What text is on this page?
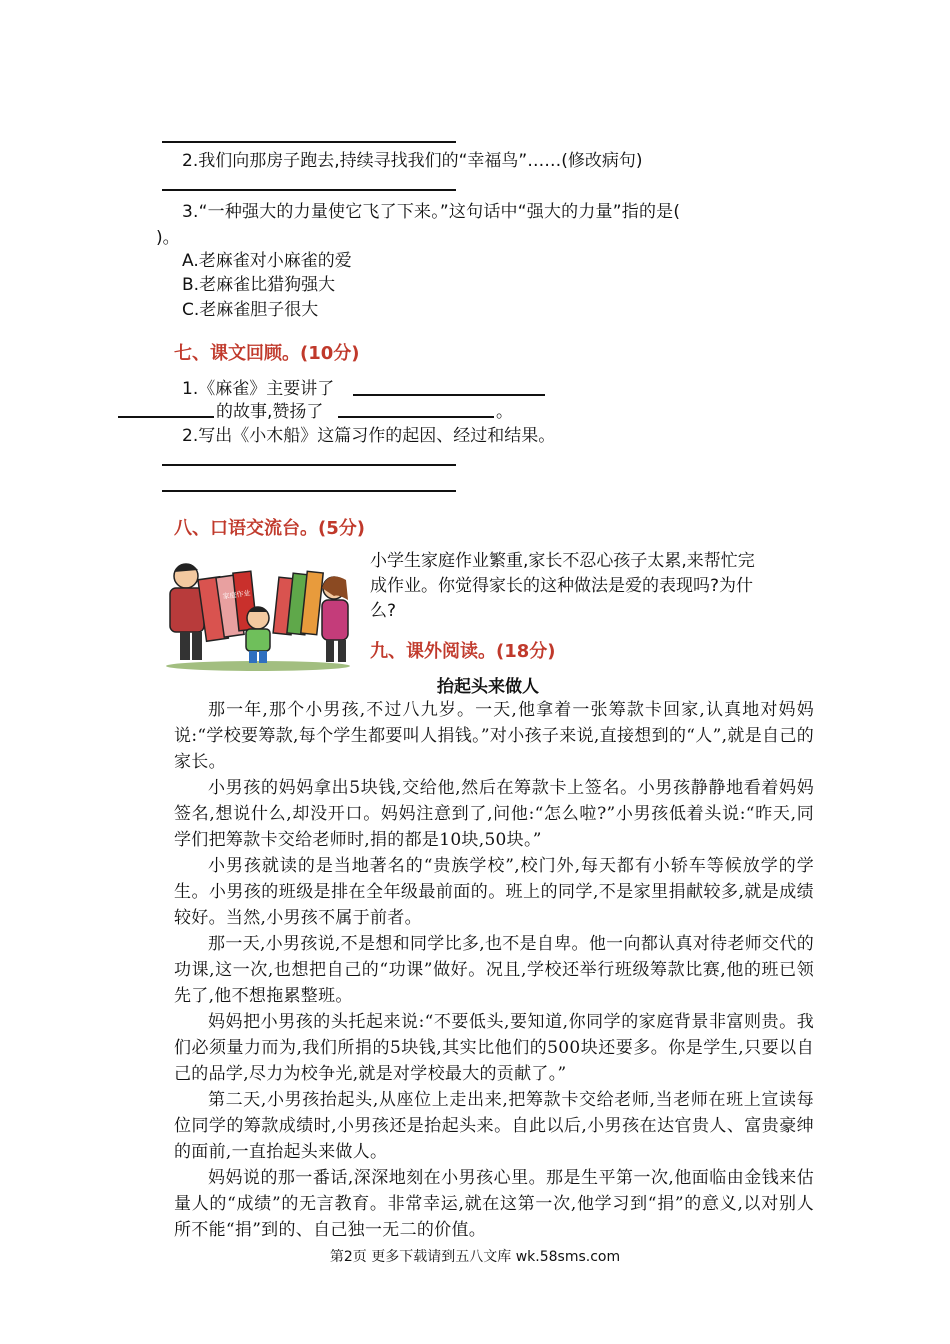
2.我们向那房子跑去,持续寻找我们的“幸福鸟”……(修改病句)
3.“一种强大的力量使它飞了下来。”这句话中“强大的力量”指的是(
)。
A.老麻雀对小麻雀的爱
B.老麻雀比猎狗强大
C.老麻雀胆子很大
七、课文回顾。(10分)
1.《麻雀》主要讲了
的故事,赞扬了	。
2.写出《小木船》这篇习作的起因、经过和结果。
八、口语交流台。(5分)
家庭作业
小学生家庭作业繁重,家长不忍心孩子太累,来帮忙完
成作业。你觉得家长的这种做法是爱的表现吗?为什
么?
九、课外阅读。(18分)
抬起头来做人
那一年,那个小男孩,不过八九岁。一天,他拿着一张筹款卡回家,认真地对妈妈说:“学校要筹款,每个学生都要叫人捐钱。”对小孩子来说,直接想到的“人”,就是自己的家长。
小男孩的妈妈拿出5块钱,交给他,然后在筹款卡上签名。小男孩静静地看着妈妈签名,想说什么,却没开口。妈妈注意到了,问他:“怎么啦?”小男孩低着头说:“昨天,同学们把筹款卡交给老师时,捐的都是10块,50块。”
小男孩就读的是当地著名的“贵族学校”,校门外,每天都有小轿车等候放学的学生。小男孩的班级是排在全年级最前面的。班上的同学,不是家里捐献较多,就是成绩较好。当然,小男孩不属于前者。
那一天,小男孩说,不是想和同学比多,也不是自卑。他一向都认真对待老师交代的功课,这一次,也想把自己的“功课”做好。况且,学校还举行班级筹款比赛,他的班已领先了,他不想拖累整班。
妈妈把小男孩的头托起来说:“不要低头,要知道,你同学的家庭背景非富则贵。我们必须量力而为,我们所捐的5块钱,其实比他们的500块还要多。你是学生,只要以自己的品学,尽力为校争光,就是对学校最大的贡献了。”
第二天,小男孩抬起头,从座位上走出来,把筹款卡交给老师,当老师在班上宣读每位同学的筹款成绩时,小男孩还是抬起头来。自此以后,小男孩在达官贵人、富贵豪绅的面前,一直抬起头来做人。
妈妈说的那一番话,深深地刻在小男孩心里。那是生平第一次,他面临由金钱来估量人的“成绩”的无言教育。非常幸运,就在这第一次,他学习到“捐”的意义,以对别人所不能“捐”到的、自己独一无二的价值。
第2页 更多下载请到五八文库 wk.58sms.com
